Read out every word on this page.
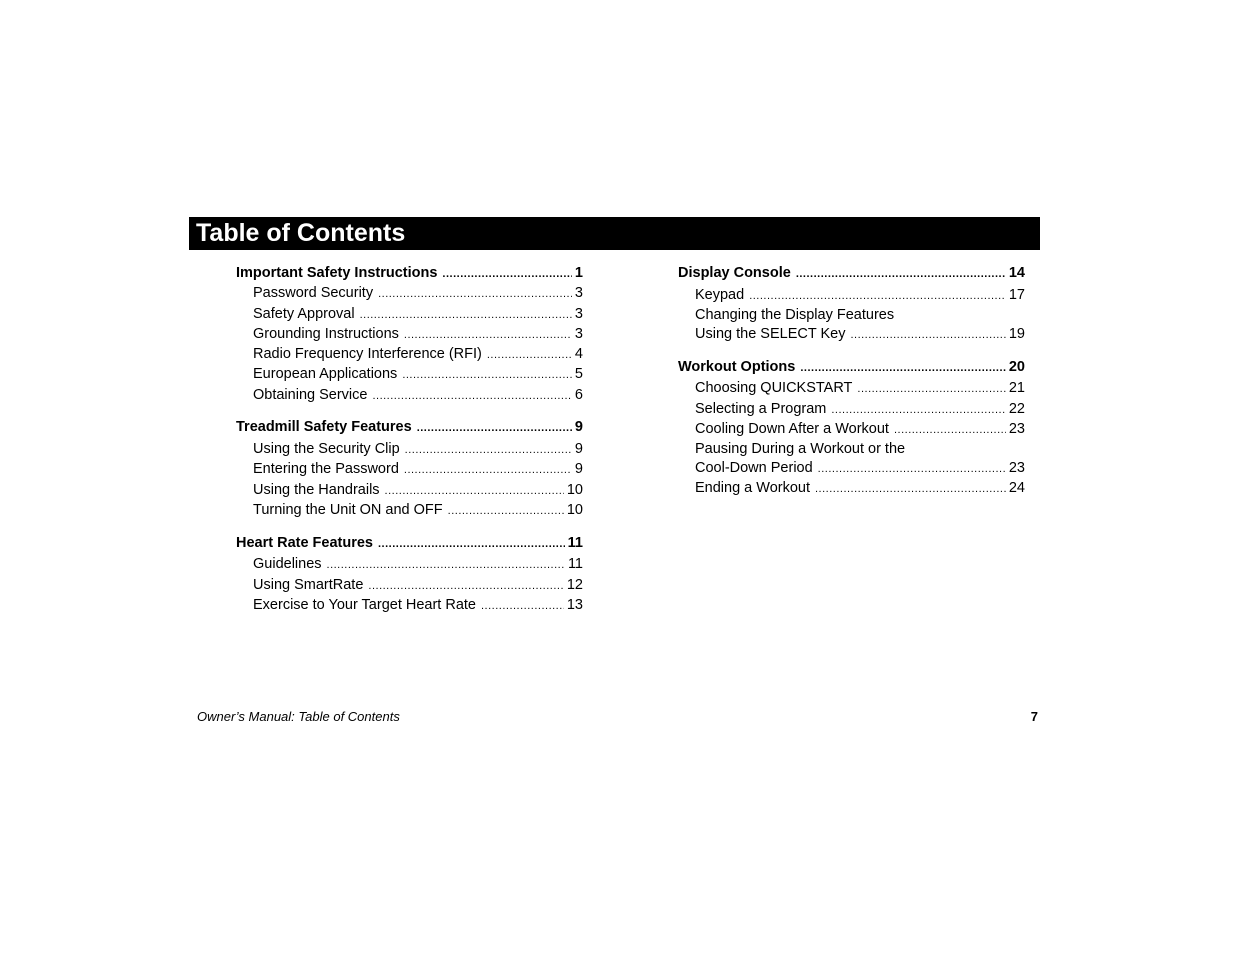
Table of Contents
Important Safety Instructions .....	1
Password Security .....	3
Safety Approval .....	3
Grounding Instructions .....	3
Radio Frequency Interference (RFI) .....	4
European Applications .....	5
Obtaining Service .....	6
Treadmill Safety Features .....	9
Using the Security Clip .....	9
Entering the Password .....	9
Using the Handrails .....	10
Turning the Unit ON and OFF .....	10
Heart Rate Features .....	11
Guidelines .....	11
Using SmartRate .....	12
Exercise to Your Target Heart Rate .....	13
Display Console .....	14
Keypad .....	17
Changing the Display Features
Using the SELECT Key .....	19
Workout Options .....	20
Choosing QUICKSTART .....	21
Selecting a Program .....	22
Cooling Down After a Workout .....	23
Pausing During a Workout or the
Cool-Down Period .....	23
Ending a Workout .....	24
Owner’s Manual: Table of Contents	7
